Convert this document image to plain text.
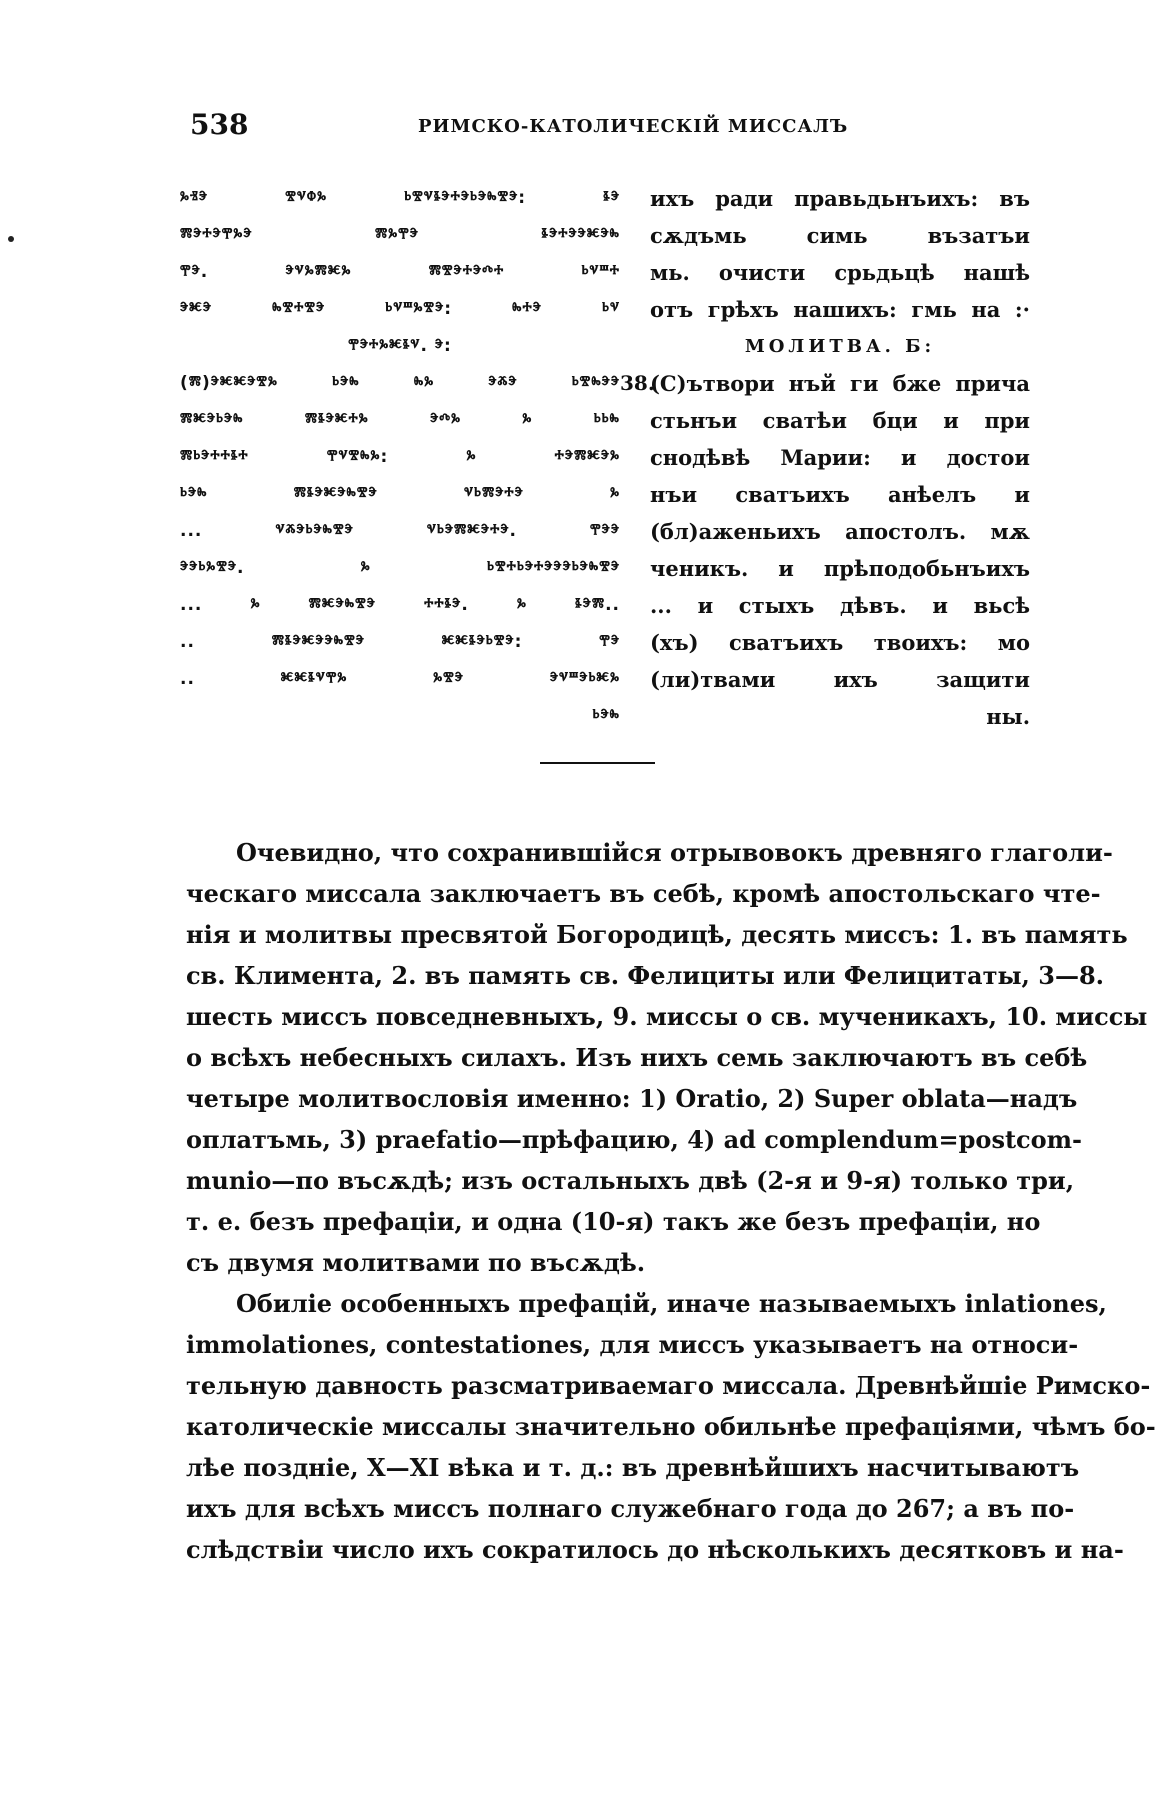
538	РИМСКО-КАТОЛИЧЕСКІЙ МИССАЛЪ
ⰳⱐⰵ ⰺⱌⱇⰳ ⱃⰺⱌⱛⰵⰰⰵⱃⰵⰸⰺⰵ: ⱛⰵ
ⰿⰵⰰⰵⰹⰳⰵ ⰿⰳⰹⰵ ⱛⰵⰰⰵⰵⱘⰵⰸ
ⰹⰵ. ⰵⱌⰳⰿⱘⰳ ⰿⰺⰵⰰⰵⰴⰰ ⱃⱌⱎⰰ
ⰵⱘⰵ ⰸⰺⰰⰺⰵ ⱃⱌⱎⰳⰺⰵ: ⰸⰰⰵ ⱃⱌ
ⰹⰵⰰⰳⱘⱛⱌ. ⰵ:
(ⰿ)ⰵⱘⱘⰵⰺⰳ ⱃⰵⰸ ⰸⰳ ⰵⰶⰵ ⱃⰺⰸⰵⰵ
ⰿⱘⰵⱃⰵⰸ ⰿⱛⰵⱘⰰⰳ ⰵⰴⰳ ⰳ ⱃⱃⰸ
ⰿⱃⰵⰰⰰⱛⰰ ⰹⱌⰺⰸⰳ: ⰳ ⰰⰵⰿⱘⰵⰳ
ⱃⰵⰸ ⰿⱛⰵⱘⰵⰸⰺⰵ ⱌⱃⰿⰵⰰⰵ ⰳ
... ⱌⰶⰵⱃⰵⰸⰺⰵ ⱌⱃⰵⰿⱘⰵⰰⰵ. ⰹⰵⰵ
ⰵⰵⱃⰳⰺⰵ. ⰳ ⱃⰺⰰⱃⰵⰰⰵⰵⰵⱃⰵⰸⰺⰵ
... ⰳ ⰿⱘⰵⰸⰺⰵ ⰰⰰⱛⰵ. ⰳ ⱛⰵⰿ..
.. ⰿⱛⰵⱘⰵⰵⰸⰺⰵ ⱘⱘⱛⰵⱃⰺⰵ: ⰹⰵ
.. ⱘⱘⱛⱌⰹⰳ ⰳⰺⰵ ⰵⱌⱎⰵⱃⱘⰳ
ⱃⰵⰸ
ихъ ради правьдьнъихъ: въ
сѫдъмь симь възатъи
мь. очисти срьдьцѣ нашѣ
отъ грѣхъ нашихъ: гмь на :·
МОЛИТВА. Б:
38.
(С)ътвори нъй ги бже прича
стьнъи сватѣи бци и при
снодѣвѣ Марии: и достои
нъи сватъихъ анѣелъ и
(бл)аженьихъ апостолъ. мѫ
ченикъ. и прѣподобьнъихъ
... и стыхъ дѣвъ. и вьсѣ
(хъ) сватъихъ твоихъ: мо
(ли)твами ихъ защити
ны.

Очевидно, что сохранившійся отрывовокъ древняго глаголи-
ческаго миссала заключаетъ въ себѣ, кромѣ апостольскаго чте-
нія и молитвы пресвятой Богородицѣ, десять миссъ: 1. въ память
св. Климента, 2. въ память св. Фелициты или Фелицитаты, 3—8.
шесть миссъ повседневныхъ, 9. миссы о св. мученикахъ, 10. миссы
о всѣхъ небесныхъ силахъ. Изъ нихъ семь заключаютъ въ себѣ
четыре молитвословія именно: 1) Oratio, 2) Super oblata—надъ
оплатъмь, 3) praefatio—прѣфацию, 4) ad complendum=postcom-
munio—по въсѫдѣ; изъ остальныхъ двѣ (2-я и 9-я) только три,
т. е. безъ префаціи, и одна (10-я) такъ же безъ префаціи, но
съ двумя молитвами по въсѫдѣ.

Обиліе особенныхъ префацій, иначе называемыхъ inlationes,
immolationes, contestationes, для миссъ указываетъ на относи-
тельную давность разсматриваемаго миссала. Древнѣйшіе Римско-
католическіе миссалы значительно обильнѣе префаціями, чѣмъ бо-
лѣе поздніе, X—XI вѣка и т. д.: въ древнѣйшихъ насчитываютъ
ихъ для всѣхъ миссъ полнаго служебнаго года до 267; а въ по-
слѣдствіи число ихъ сократилось до нѣсколькихъ десятковъ и на-
